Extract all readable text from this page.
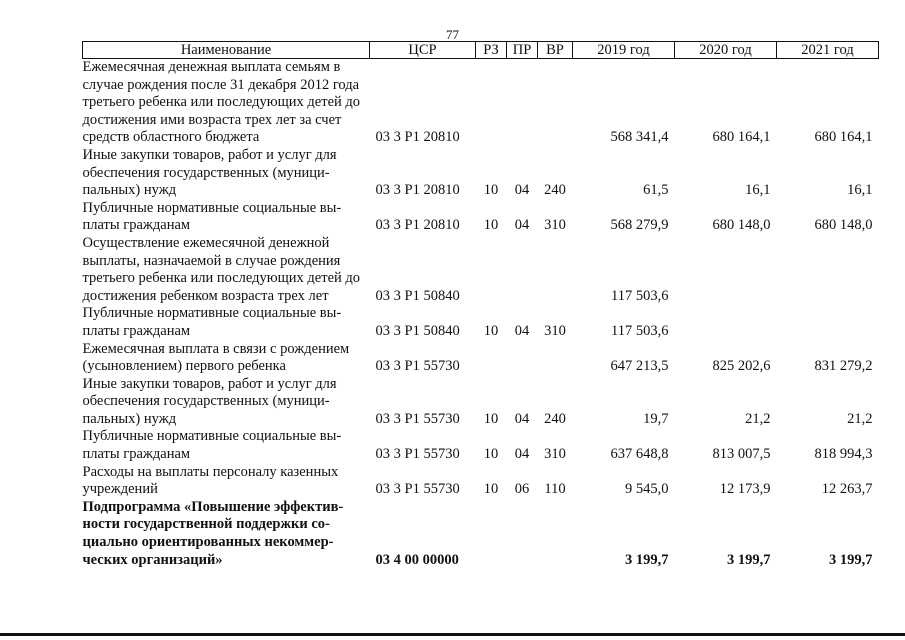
77
Наименование	ЦСР	РЗ	ПР	ВР	2019 год	2020 год	2021 год
Ежемесячная денежная выплата семьям в случае рождения после 31 декабря 2012 года третьего ребенка или последующих детей до достижения ими возраста трех лет за счет средств областного бюджета	03 3 P1 20810				568 341,4	680 164,1	680 164,1
Иные закупки товаров, работ и услуг для обеспечения государственных (муници-пальных) нужд	03 3 P1 20810	10	04	240	61,5	16,1	16,1
Публичные нормативные социальные вы-платы гражданам	03 3 P1 20810	10	04	310	568 279,9	680 148,0	680 148,0
Осуществление ежемесячной денежной выплаты, назначаемой в случае рождения третьего ребенка или последующих детей до достижения ребенком возраста трех лет	03 3 P1 50840				117 503,6		
Публичные нормативные социальные вы-платы гражданам	03 3 P1 50840	10	04	310	117 503,6		
Ежемесячная выплата в связи с рождением (усыновлением) первого ребенка	03 3 P1 55730				647 213,5	825 202,6	831 279,2
Иные закупки товаров, работ и услуг для обеспечения государственных (муници-пальных) нужд	03 3 P1 55730	10	04	240	19,7	21,2	21,2
Публичные нормативные социальные вы-платы гражданам	03 3 P1 55730	10	04	310	637 648,8	813 007,5	818 994,3
Расходы на выплаты персоналу казенных учреждений	03 3 P1 55730	10	06	110	9 545,0	12 173,9	12 263,7
Подпрограмма «Повышение эффектив-ности государственной поддержки со-циально ориентированных некоммер-ческих организаций»	03 4 00 00000				3 199,7	3 199,7	3 199,7
